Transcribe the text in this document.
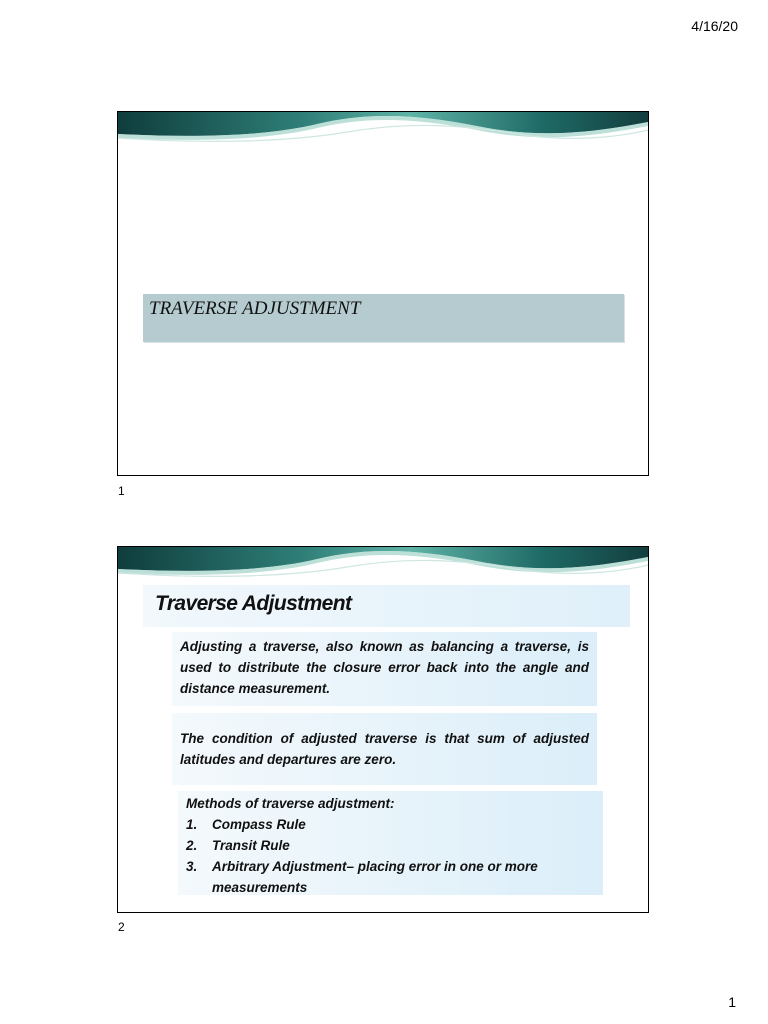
4/16/20
TRAVERSE ADJUSTMENT
1
Traverse Adjustment
Adjusting a traverse, also known as balancing a traverse, is used to distribute the closure error back into the angle and distance measurement.
The condition of adjusted traverse is that sum of adjusted latitudes and departures are zero.
Methods of traverse adjustment:
1.	Compass Rule
2.	Transit Rule
3.	Arbitrary Adjustment– placing error in one or more measurements
2
1
